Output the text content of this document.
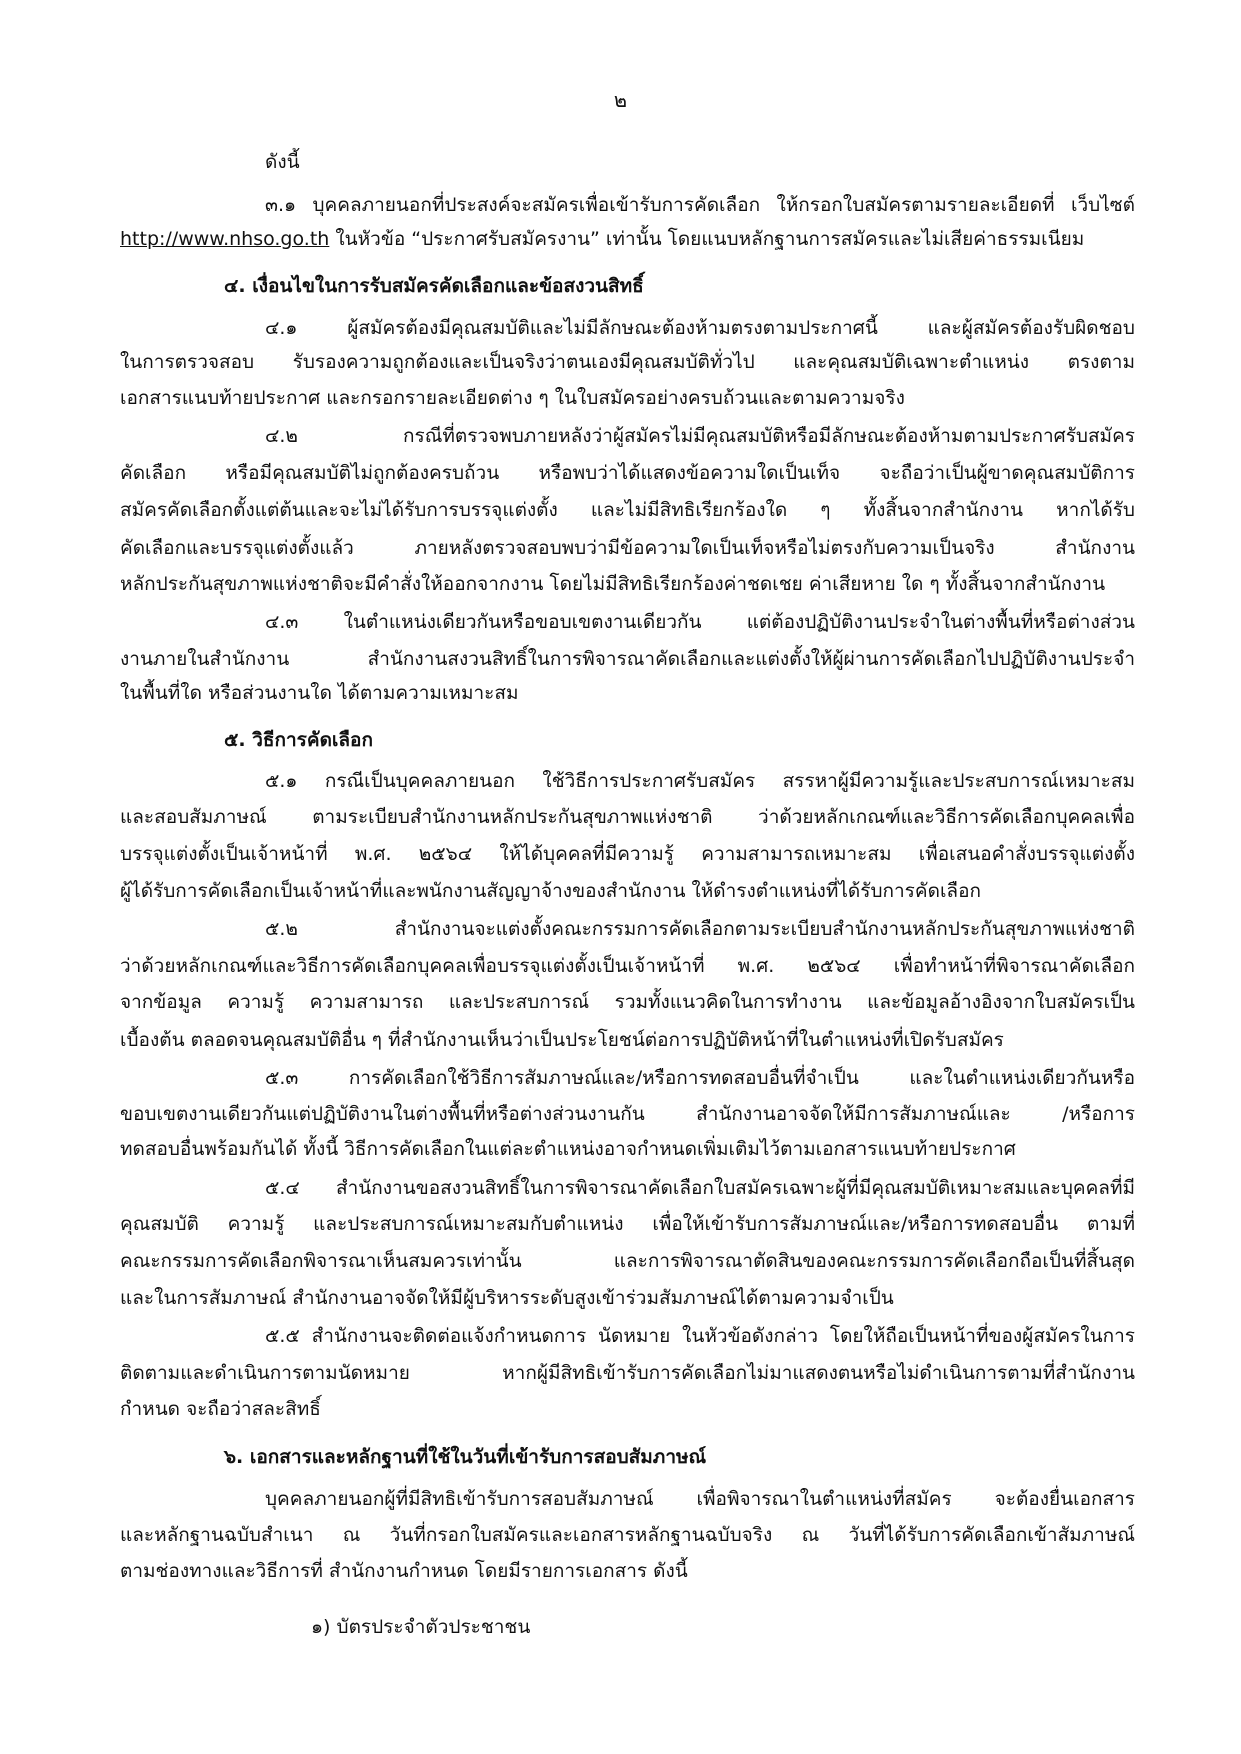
๒
ดังนี้
๓.๑ บุคคลภายนอกที่ประสงค์จะสมัครเพื่อเข้ารับการคัดเลือก ให้กรอกใบสมัครตามรายละเอียดที่ เว็บไซต์
http://www.nhso.go.th ในหัวข้อ “ประกาศรับสมัครงาน” เท่านั้น โดยแนบหลักฐานการสมัครและไม่เสียค่าธรรมเนียม
๔. เงื่อนไขในการรับสมัครคัดเลือกและข้อสงวนสิทธิ์
๔.๑ ผู้สมัครต้องมีคุณสมบัติและไม่มีลักษณะต้องห้ามตรงตามประกาศนี้ และผู้สมัครต้องรับผิดชอบ
ในการตรวจสอบ รับรองความถูกต้องและเป็นจริงว่าตนเองมีคุณสมบัติทั่วไป และคุณสมบัติเฉพาะตำแหน่ง ตรงตาม
เอกสารแนบท้ายประกาศ และกรอกรายละเอียดต่าง ๆ ในใบสมัครอย่างครบถ้วนและตามความจริง
๔.๒ กรณีที่ตรวจพบภายหลังว่าผู้สมัครไม่มีคุณสมบัติหรือมีลักษณะต้องห้ามตามประกาศรับสมัคร
คัดเลือก หรือมีคุณสมบัติไม่ถูกต้องครบถ้วน หรือพบว่าได้แสดงข้อความใดเป็นเท็จ จะถือว่าเป็นผู้ขาดคุณสมบัติการ
สมัครคัดเลือกตั้งแต่ต้นและจะไม่ได้รับการบรรจุแต่งตั้ง และไม่มีสิทธิเรียกร้องใด ๆ ทั้งสิ้นจากสำนักงาน หากได้รับ
คัดเลือกและบรรจุแต่งตั้งแล้ว ภายหลังตรวจสอบพบว่ามีข้อความใดเป็นเท็จหรือไม่ตรงกับความเป็นจริง สำนักงาน
หลักประกันสุขภาพแห่งชาติจะมีคำสั่งให้ออกจากงาน โดยไม่มีสิทธิเรียกร้องค่าชดเชย ค่าเสียหาย ใด ๆ ทั้งสิ้นจากสำนักงาน
๔.๓ ในตำแหน่งเดียวกันหรือขอบเขตงานเดียวกัน แต่ต้องปฏิบัติงานประจำในต่างพื้นที่หรือต่างส่วน
งานภายในสำนักงาน สำนักงานสงวนสิทธิ์ในการพิจารณาคัดเลือกและแต่งตั้งให้ผู้ผ่านการคัดเลือกไปปฏิบัติงานประจำ
ในพื้นที่ใด หรือส่วนงานใด ได้ตามความเหมาะสม
๕. วิธีการคัดเลือก
๕.๑ กรณีเป็นบุคคลภายนอก ใช้วิธีการประกาศรับสมัคร สรรหาผู้มีความรู้และประสบการณ์เหมาะสม
และสอบสัมภาษณ์ ตามระเบียบสำนักงานหลักประกันสุขภาพแห่งชาติ ว่าด้วยหลักเกณฑ์และวิธีการคัดเลือกบุคคลเพื่อ
บรรจุแต่งตั้งเป็นเจ้าหน้าที่ พ.ศ. ๒๕๖๔ ให้ได้บุคคลที่มีความรู้ ความสามารถเหมาะสม เพื่อเสนอคำสั่งบรรจุแต่งตั้ง
ผู้ได้รับการคัดเลือกเป็นเจ้าหน้าที่และพนักงานสัญญาจ้างของสำนักงาน ให้ดำรงตำแหน่งที่ได้รับการคัดเลือก
๕.๒ สำนักงานจะแต่งตั้งคณะกรรมการคัดเลือกตามระเบียบสำนักงานหลักประกันสุขภาพแห่งชาติ
ว่าด้วยหลักเกณฑ์และวิธีการคัดเลือกบุคคลเพื่อบรรจุแต่งตั้งเป็นเจ้าหน้าที่ พ.ศ. ๒๕๖๔ เพื่อทำหน้าที่พิจารณาคัดเลือก
จากข้อมูล ความรู้ ความสามารถ และประสบการณ์ รวมทั้งแนวคิดในการทำงาน และข้อมูลอ้างอิงจากใบสมัครเป็น
เบื้องต้น ตลอดจนคุณสมบัติอื่น ๆ ที่สำนักงานเห็นว่าเป็นประโยชน์ต่อการปฏิบัติหน้าที่ในตำแหน่งที่เปิดรับสมัคร
๕.๓ การคัดเลือกใช้วิธีการสัมภาษณ์และ/หรือการทดสอบอื่นที่จำเป็น และในตำแหน่งเดียวกันหรือ
ขอบเขตงานเดียวกันแต่ปฏิบัติงานในต่างพื้นที่หรือต่างส่วนงานกัน สำนักงานอาจจัดให้มีการสัมภาษณ์และ /หรือการ
ทดสอบอื่นพร้อมกันได้ ทั้งนี้ วิธีการคัดเลือกในแต่ละตำแหน่งอาจกำหนดเพิ่มเติมไว้ตามเอกสารแนบท้ายประกาศ
๕.๔ สำนักงานขอสงวนสิทธิ์ในการพิจารณาคัดเลือกใบสมัครเฉพาะผู้ที่มีคุณสมบัติเหมาะสมและบุคคลที่มี
คุณสมบัติ ความรู้ และประสบการณ์เหมาะสมกับตำแหน่ง เพื่อให้เข้ารับการสัมภาษณ์และ/หรือการทดสอบอื่น ตามที่
คณะกรรมการคัดเลือกพิจารณาเห็นสมควรเท่านั้น และการพิจารณาตัดสินของคณะกรรมการคัดเลือกถือเป็นที่สิ้นสุด
และในการสัมภาษณ์ สำนักงานอาจจัดให้มีผู้บริหารระดับสูงเข้าร่วมสัมภาษณ์ได้ตามความจำเป็น
๕.๕ สำนักงานจะติดต่อแจ้งกำหนดการ นัดหมาย ในหัวข้อดังกล่าว โดยให้ถือเป็นหน้าที่ของผู้สมัครในการ
ติดตามและดำเนินการตามนัดหมาย หากผู้มีสิทธิเข้ารับการคัดเลือกไม่มาแสดงตนหรือไม่ดำเนินการตามที่สำนักงาน
กำหนด จะถือว่าสละสิทธิ์
๖. เอกสารและหลักฐานที่ใช้ในวันที่เข้ารับการสอบสัมภาษณ์
บุคคลภายนอกผู้ที่มีสิทธิเข้ารับการสอบสัมภาษณ์ เพื่อพิจารณาในตำแหน่งที่สมัคร จะต้องยื่นเอกสาร
และหลักฐานฉบับสำเนา ณ วันที่กรอกใบสมัครและเอกสารหลักฐานฉบับจริง ณ วันที่ได้รับการคัดเลือกเข้าสัมภาษณ์
ตามช่องทางและวิธีการที่ สำนักงานกำหนด โดยมีรายการเอกสาร ดังนี้
๑) บัตรประจำตัวประชาชน
